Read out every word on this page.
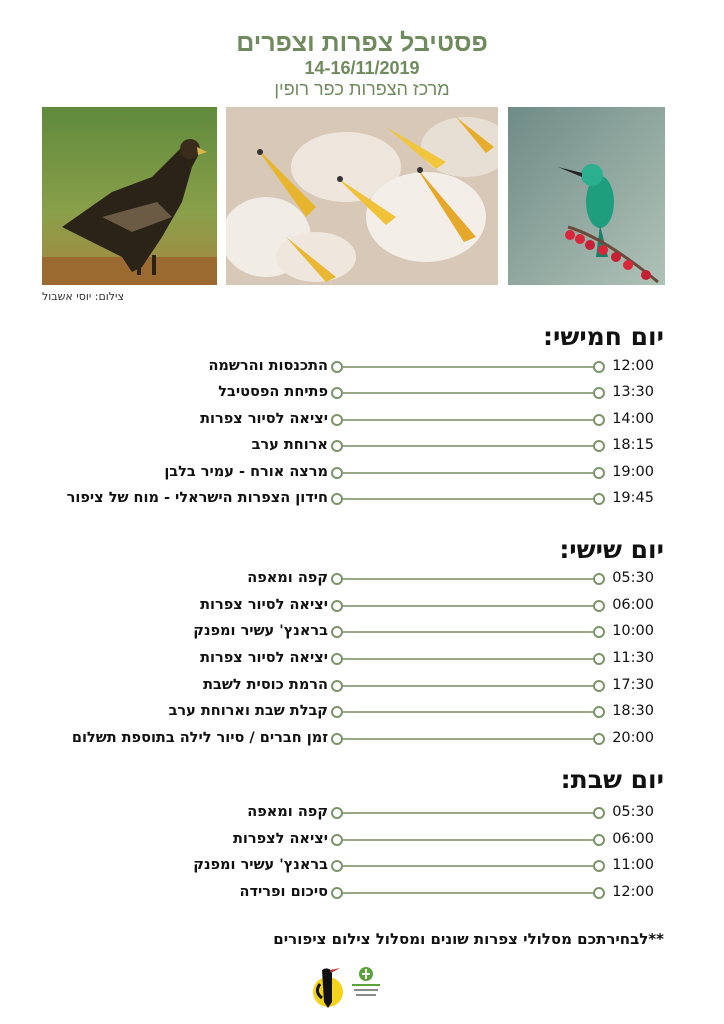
פסטיבל צפרות וצפרים
14-16/11/2019
מרכז הצפרות כפר רופין
צילום: יוסי אשבול
יום חמישי:
12:00
התכנסות והרשמה
13:30
פתיחת הפסטיבל
14:00
יציאה לסיור צפרות
18:15
ארוחת ערב
19:00
מרצה אורח - עמיר בלבן
19:45
חידון הצפרות הישראלי - מוח של ציפור
יום שישי:
05:30
קפה ומאפה
06:00
יציאה לסיור צפרות
10:00
בראנץ' עשיר ומפנק
11:30
יציאה לסיור צפרות
17:30
הרמת כוסית לשבת
18:30
קבלת שבת וארוחת ערב
20:00
זמן חברים / סיור לילה בתוספת תשלום
יום שבת:
05:30
קפה ומאפה
06:00
יציאה לצפרות
11:00
בראנץ' עשיר ומפנק
12:00
סיכום ופרידה
**לבחירתכם מסלולי צפרות שונים ומסלול צילום ציפורים
